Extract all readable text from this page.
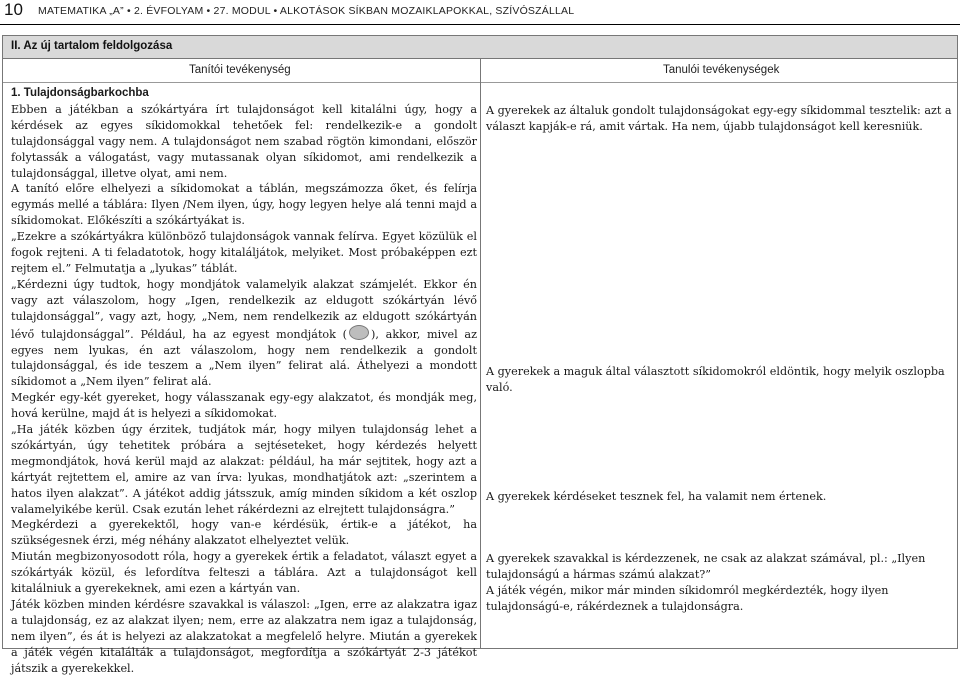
10 MATEMATIKA „A” • 2. ÉVFOLYAM • 27. MODUL • ALKOTÁSOK SÍKBAN MOZAIKLAPOKKAL, SZÍVÓSZÁLLAL
II. Az új tartalom feldolgozása
Tanítói tevékenység	Tanulói tevékenységek

1. Tulajdonságbarkochba

Ebben a játékban a szókártyára írt tulajdonságot kell kitalálni úgy, hogy a kérdések az egyes síkidomokkal tehetőek fel: rendelkezik-e a gondolt tulajdonsággal vagy nem. A tulajdonságot nem szabad rögtön kimondani, először folytassák a válogatást, vagy mutassanak olyan síkidomot, ami rendelkezik a tulajdonsággal, illetve olyat, ami nem.

A tanító előre elhelyezi a síkidomokat a táblán, megszámozza őket, és felírja egymás mellé a táblára: Ilyen /Nem ilyen, úgy, hogy legyen helye alá tenni majd a síkidomokat. Előkészíti a szókártyákat is.

„Ezekre a szókártyákra különböző tulajdonságok vannak felírva. Egyet közülük el fogok rejteni. A ti feladatotok, hogy kitaláljátok, melyiket. Most próbaképpen ezt rejtem el.” Felmutatja a „lyukas” táblát.

„Kérdezni úgy tudtok, hogy mondjátok valamelyik alakzat számjelét. Ekkor én vagy azt válaszolom, hogy „Igen, rendelkezik az eldugott szókártyán lévő tulajdonsággal”, vagy azt, hogy, „Nem, nem rendelkezik az eldugott szókártyán lévő tulajdonsággal”. Például, ha az egyest mondjátok ( ), akkor, mivel az egyes nem lyukas, én azt válaszolom, hogy nem rendelkezik a gondolt tulajdonsággal, és ide teszem a „Nem ilyen” felirat alá. Áthelyezi a mondott síkidomot a „Nem ilyen” felirat alá.

Megkér egy-két gyereket, hogy válasszanak egy-egy alakzatot, és mondják meg, hová kerülne, majd át is helyezi a síkidomokat.

„Ha játék közben úgy érzitek, tudjátok már, hogy milyen tulajdonság lehet a szókártyán, úgy tehetitek próbára a sejtéseteket, hogy kérdezés helyett megmondjátok, hová kerül majd az alakzat: például, ha már sejtitek, hogy azt a kártyát rejtettem el, amire az van írva: lyukas, mondhatjátok azt: „szerintem a hatos ilyen alakzat”. A játékot addig játsszuk, amíg minden síkidom a két oszlop valamelyikébe kerül. Csak ezután lehet rákérdezni az elrejtett tulajdonságra.”

Megkérdezi a gyerekektől, hogy van-e kérdésük, értik-e a játékot, ha szükségesnek érzi, még néhány alakzatot elhelyeztet velük.

Miután megbizonyosodott róla, hogy a gyerekek értik a feladatot, választ egyet a szókártyák közül, és lefordítva felteszi a táblára. Azt a tulajdonságot kell kitalálniuk a gyerekeknek, ami ezen a kártyán van.

Játék közben minden kérdésre szavakkal is válaszol: „Igen, erre az alakzatra igaz a tulajdonság, ez az alakzat ilyen; nem, erre az alakzatra nem igaz a tulajdonság, nem ilyen”, és át is helyezi az alakzatokat a megfelelő helyre. Miután a gyerekek a játék végén kitalálták a tulajdonságot, megfordítja a szókártyát 2-3 játékot játszik a gyerekekkel.

A gyerekek az általuk gondolt tulajdonságokat egy-egy síkidommal tesztelik: azt a választ kapják-e rá, amit vártak. Ha nem, újabb tulajdonságot kell keresniük.

A gyerekek a maguk által választott síkidomokról eldöntik, hogy melyik oszlopba való.

A gyerekek kérdéseket tesznek fel, ha valamit nem értenek.

A gyerekek szavakkal is kérdezzenek, ne csak az alakzat számával, pl.: „Ilyen tulajdonságú a hármas számú alakzat?”

A játék végén, mikor már minden síkidomról megkérdezték, hogy ilyen tulajdonságú-e, rákérdeznek a tulajdonságra.
